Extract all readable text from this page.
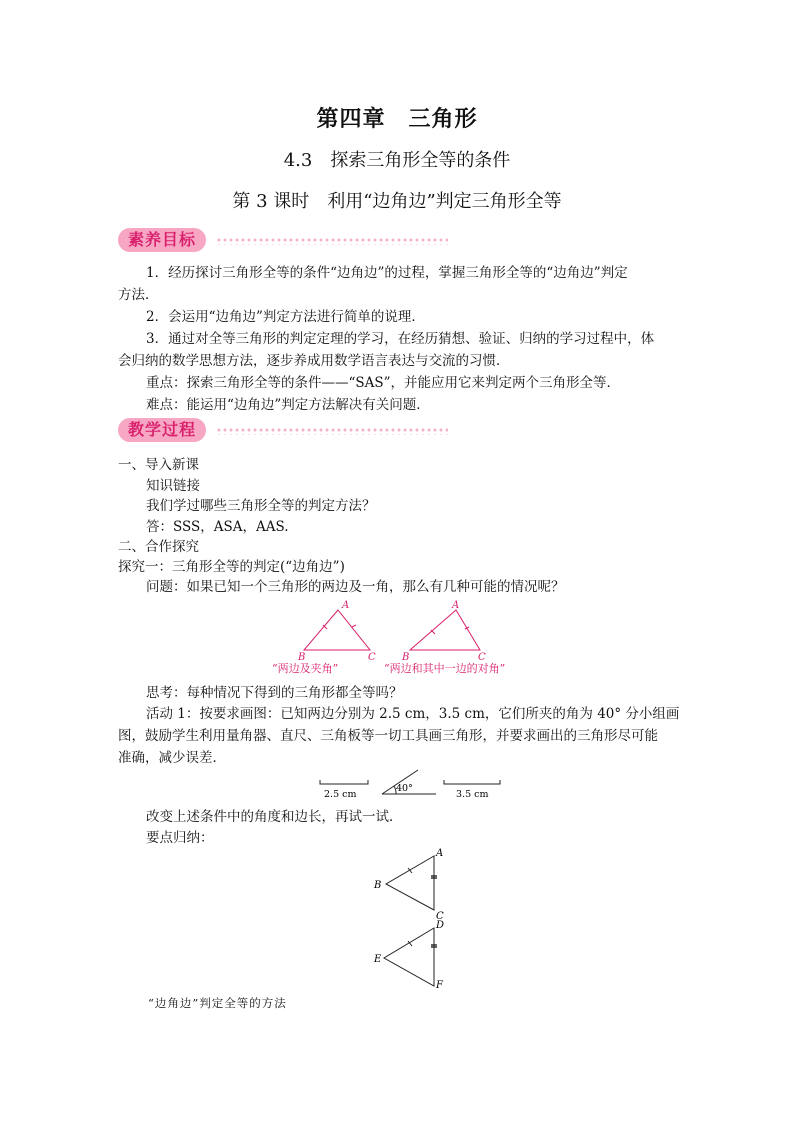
第四章　三角形
4.3　探索三角形全等的条件
第 3 课时　利用“边角边”判定三角形全等
素养目标
1．经历探讨三角形全等的条件“边角边”的过程，掌握三角形全等的“边角边”判定
方法．
2．会运用“边角边”判定方法进行简单的说理．
3．通过对全等三角形的判定定理的学习，在经历猜想、验证、归纳的学习过程中，体
会归纳的数学思想方法，逐步养成用数学语言表达与交流的习惯．
重点：探索三角形全等的条件——“SAS”，并能应用它来判定两个三角形全等．
难点：能运用“边角边”判定方法解决有关问题．
教学过程
一、导入新课
知识链接
我们学过哪些三角形全等的判定方法？
答：SSS，ASA，AAS.
二、合作探究
探究一：三角形全等的判定(“边角边”)
问题：如果已知一个三角形的两边及一角，那么有几种可能的情况呢？
A
B	C
A
B	C
“两边及夹角”	“两边和其中一边的对角”
思考：每种情况下得到的三角形都全等吗？
活动 1：按要求画图：已知两边分别为 2.5 cm，3.5 cm，它们所夹的角为 40° 分小组画
图，鼓励学生利用量角器、直尺、三角板等一切工具画三角形，并要求画出的三角形尽可能
准确，减少误差．
2.5 cm
40°
3.5 cm
改变上述条件中的角度和边长，再试一试．
要点归纳：
A
B
C
D
E
F
“边角边”判定全等的方法
